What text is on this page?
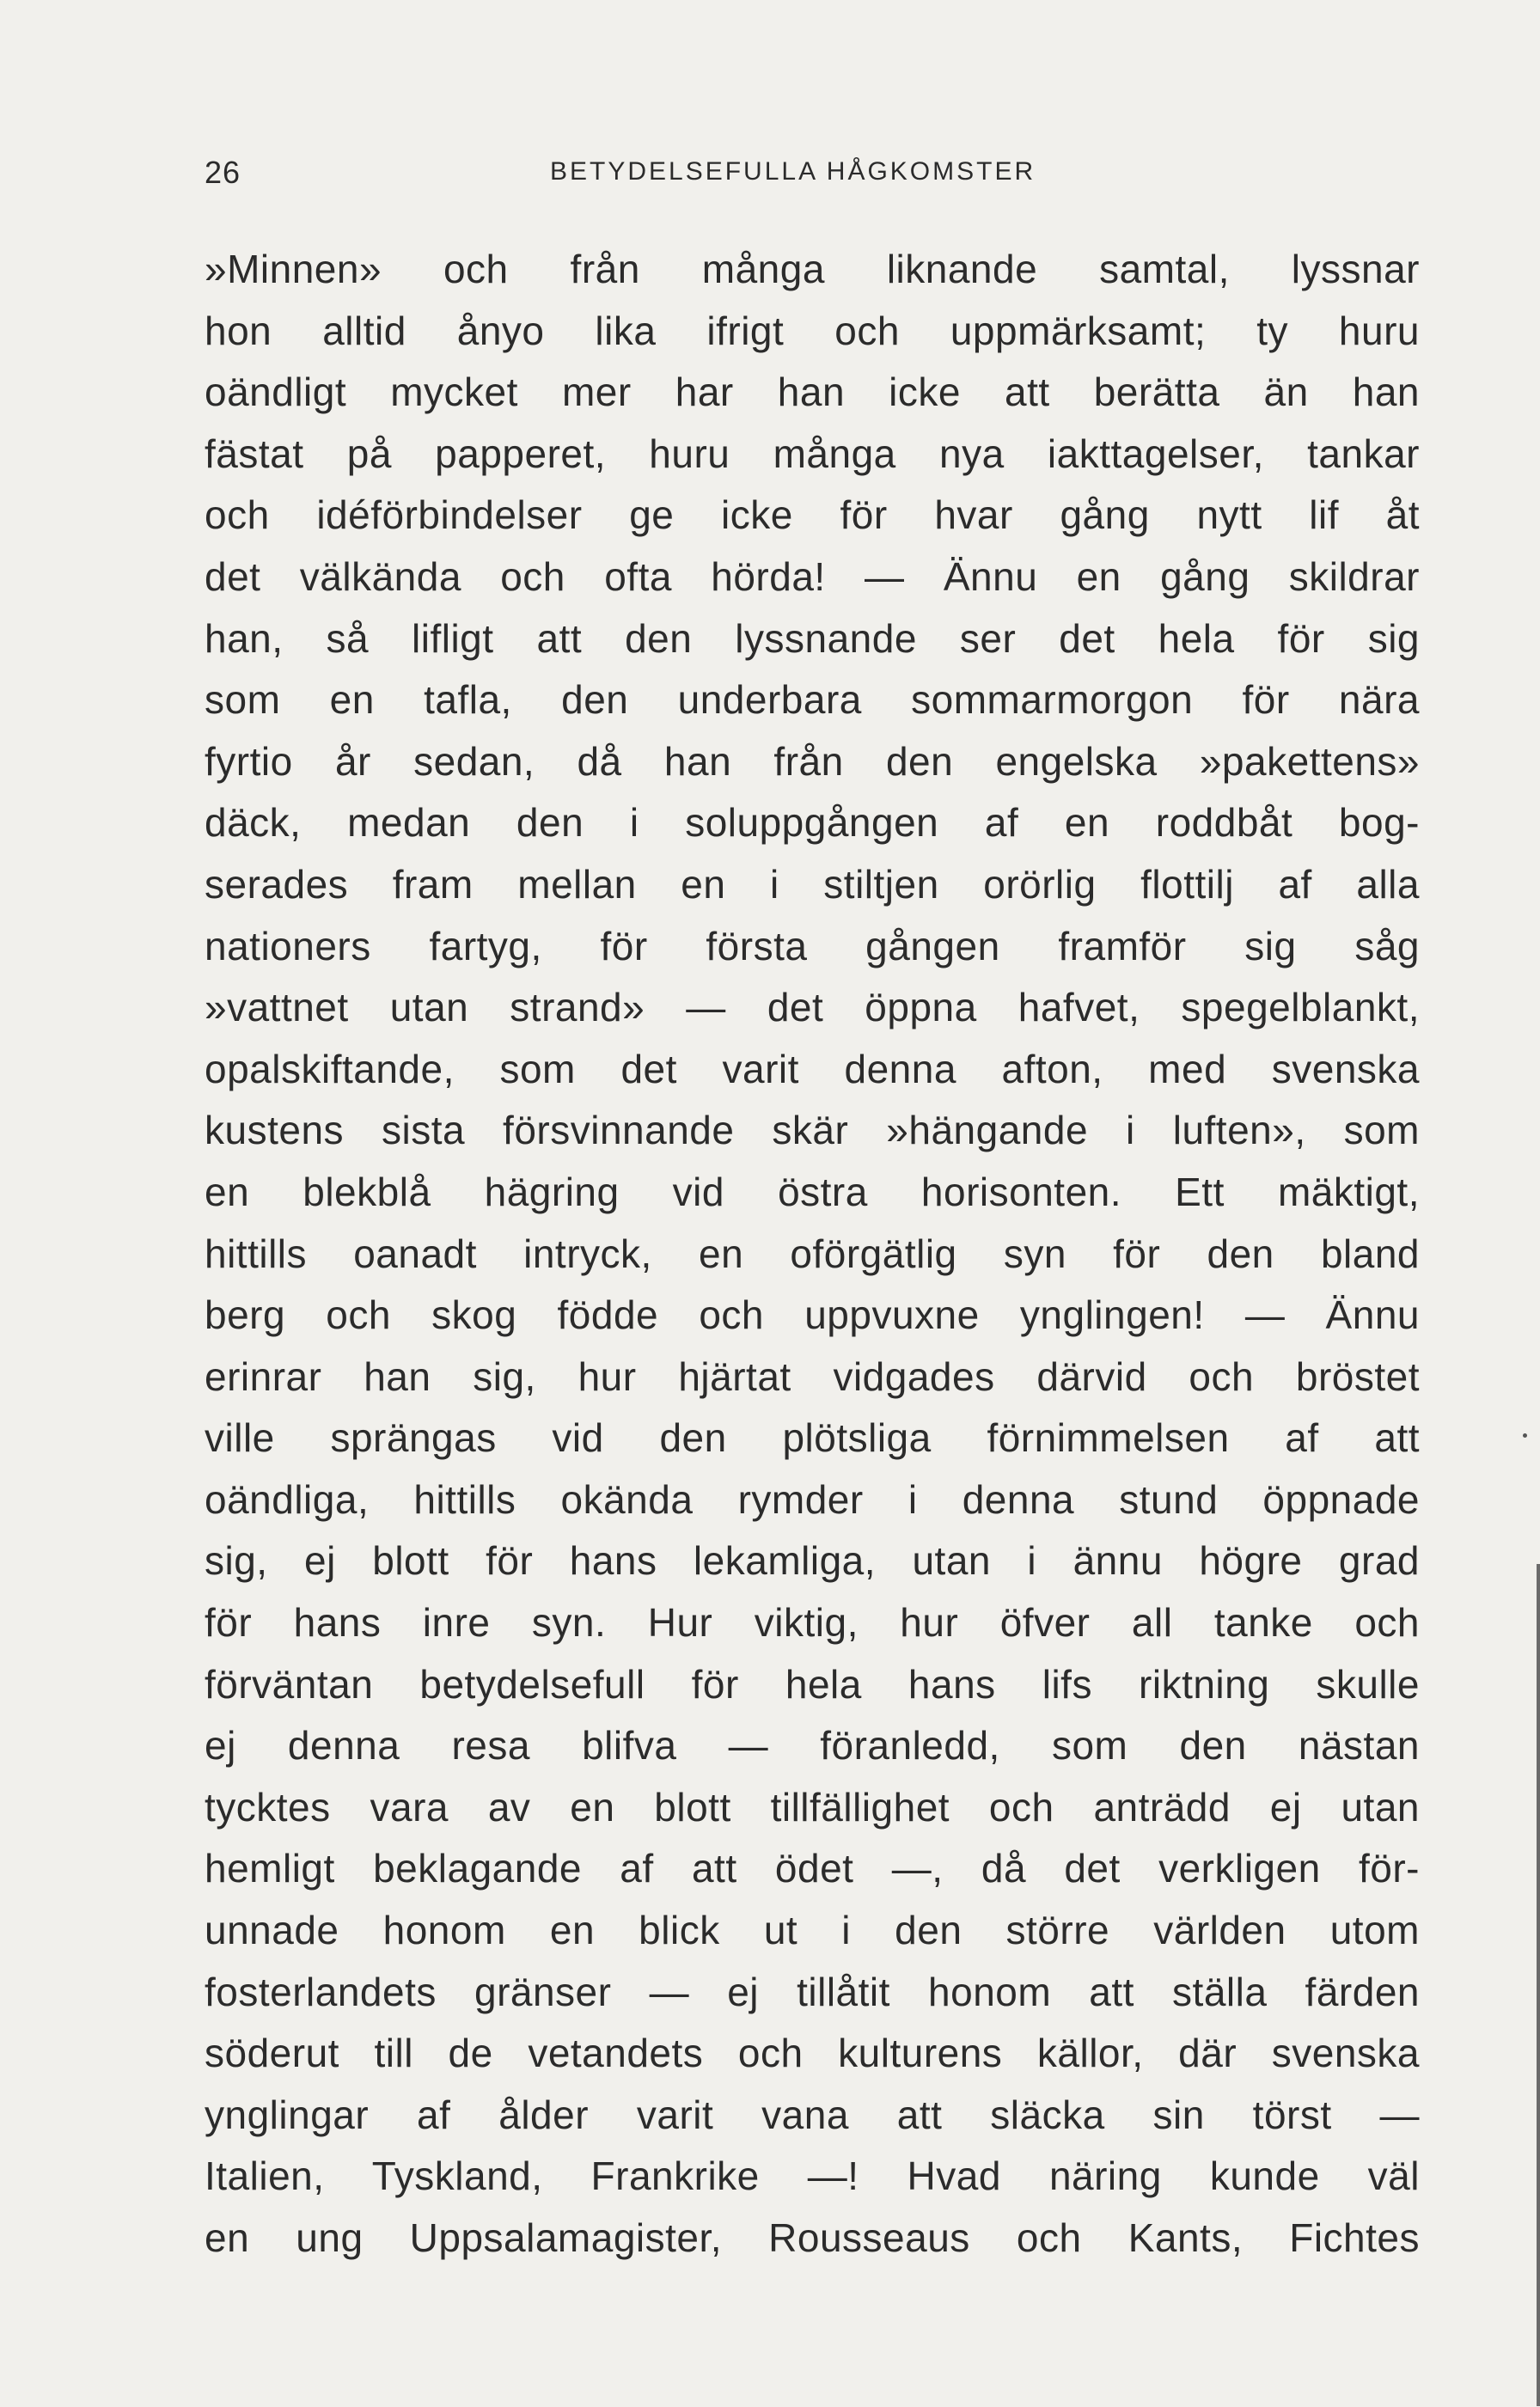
26	BETYDELSEFULLA HÅGKOMSTER
»Minnen» och från många liknande samtal, lyssnar
hon alltid ånyo lika ifrigt och uppmärksamt; ty huru
oändligt mycket mer har han icke att berätta än han
fästat på papperet, huru många nya iakttagelser, tankar
och idéförbindelser ge icke för hvar gång nytt lif åt
det välkända och ofta hörda! — Ännu en gång skildrar
han, så lifligt att den lyssnande ser det hela för sig
som en tafla, den underbara sommarmorgon för nära
fyrtio år sedan, då han från den engelska »pakettens»
däck, medan den i soluppgången af en roddbåt bog-
serades fram mellan en i stiltjen orörlig flottilj af alla
nationers fartyg, för första gången framför sig såg
»vattnet utan strand» — det öppna hafvet, spegelblankt,
opalskiftande, som det varit denna afton, med svenska
kustens sista försvinnande skär »hängande i luften», som
en blekblå hägring vid östra horisonten. Ett mäktigt,
hittills oanadt intryck, en oförgätlig syn för den bland
berg och skog födde och uppvuxne ynglingen! — Ännu
erinrar han sig, hur hjärtat vidgades därvid och bröstet
ville sprängas vid den plötsliga förnimmelsen af att
oändliga, hittills okända rymder i denna stund öppnade
sig, ej blott för hans lekamliga, utan i ännu högre grad
för hans inre syn. Hur viktig, hur öfver all tanke och
förväntan betydelsefull för hela hans lifs riktning skulle
ej denna resa blifva — föranledd, som den nästan
tycktes vara av en blott tillfällighet och anträdd ej utan
hemligt beklagande af att ödet —, då det verkligen för-
unnade honom en blick ut i den större världen utom
fosterlandets gränser — ej tillåtit honom att ställa färden
söderut till de vetandets och kulturens källor, där svenska
ynglingar af ålder varit vana att släcka sin törst —
Italien, Tyskland, Frankrike —! Hvad näring kunde väl
en ung Uppsalamagister, Rousseaus och Kants, Fichtes
